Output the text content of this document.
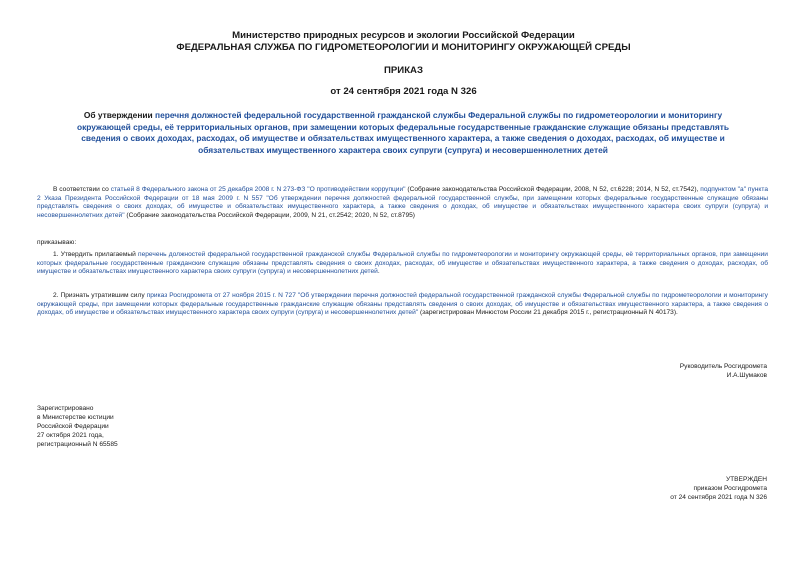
Министерство природных ресурсов и экологии Российской Федерации
ФЕДЕРАЛЬНАЯ СЛУЖБА ПО ГИДРОМЕТЕОРОЛОГИИ И МОНИТОРИНГУ ОКРУЖАЮЩЕЙ СРЕДЫ
ПРИКАЗ
от 24 сентября 2021 года N 326
Об утверждении перечня должностей федеральной государственной гражданской службы Федеральной службы по гидрометеорологии и мониторингу окружающей среды, её территориальных органов, при замещении которых федеральные государственные гражданские служащие обязаны представлять сведения о своих доходах, расходах, об имуществе и обязательствах имущественного характера, а также сведения о доходах, расходах, об имуществе и обязательствах имущественного характера своих супруги (супруга) и несовершеннолетних детей
В соответствии со статьей 8 Федерального закона от 25 декабря 2008 г. N 273-ФЗ "О противодействии коррупции" (Собрание законодательства Российской Федерации, 2008, N 52, ст.6228; 2014, N 52, ст.7542), подпунктом "а" пункта 2 Указа Президента Российской Федерации от 18 мая 2009 г. N 557 "Об утверждении перечня должностей федеральной государственной службы, при замещении которых федеральные государственные служащие обязаны представлять сведения о своих доходах, об имуществе и обязательствах имущественного характера, а также сведения о доходах, об имуществе и обязательствах имущественного характера своих супруги (супруга) и несовершеннолетних детей" (Собрание законодательства Российской Федерации, 2009, N 21, ст.2542; 2020, N 52, ст.8795)
приказываю:
1. Утвердить прилагаемый перечень должностей федеральной государственной гражданской службы Федеральной службы по гидрометеорологии и мониторингу окружающей среды, её территориальных органов, при замещении которых федеральные государственные гражданские служащие обязаны представлять сведения о своих доходах, расходах, об имуществе и обязательствах имущественного характера, а также сведения о доходах, расходах, об имуществе и обязательствах имущественного характера своих супруги (супруга) и несовершеннолетних детей.
2. Признать утратившим силу приказ Росгидромета от 27 ноября 2015 г. N 727 "Об утверждении перечня должностей федеральной государственной гражданской службы Федеральной службы по гидрометеорологии и мониторингу окружающей среды, при замещении которых федеральные государственные гражданские служащие обязаны представлять сведения о своих доходах, об имуществе и обязательствах имущественного характера, а также сведения о доходах, об имуществе и обязательствах имущественного характера своих супруги (супруга) и несовершеннолетних детей" (зарегистрирован Минюстом России 21 декабря 2015 г., регистрационный N 40173).
Руководитель Росгидромета
И.А.Шумаков
Зарегистрировано
в Министерстве юстиции
Российской Федерации
27 октября 2021 года,
регистрационный N 65585
УТВЕРЖДЕН
приказом Росгидромета
от 24 сентября 2021 года N 326
